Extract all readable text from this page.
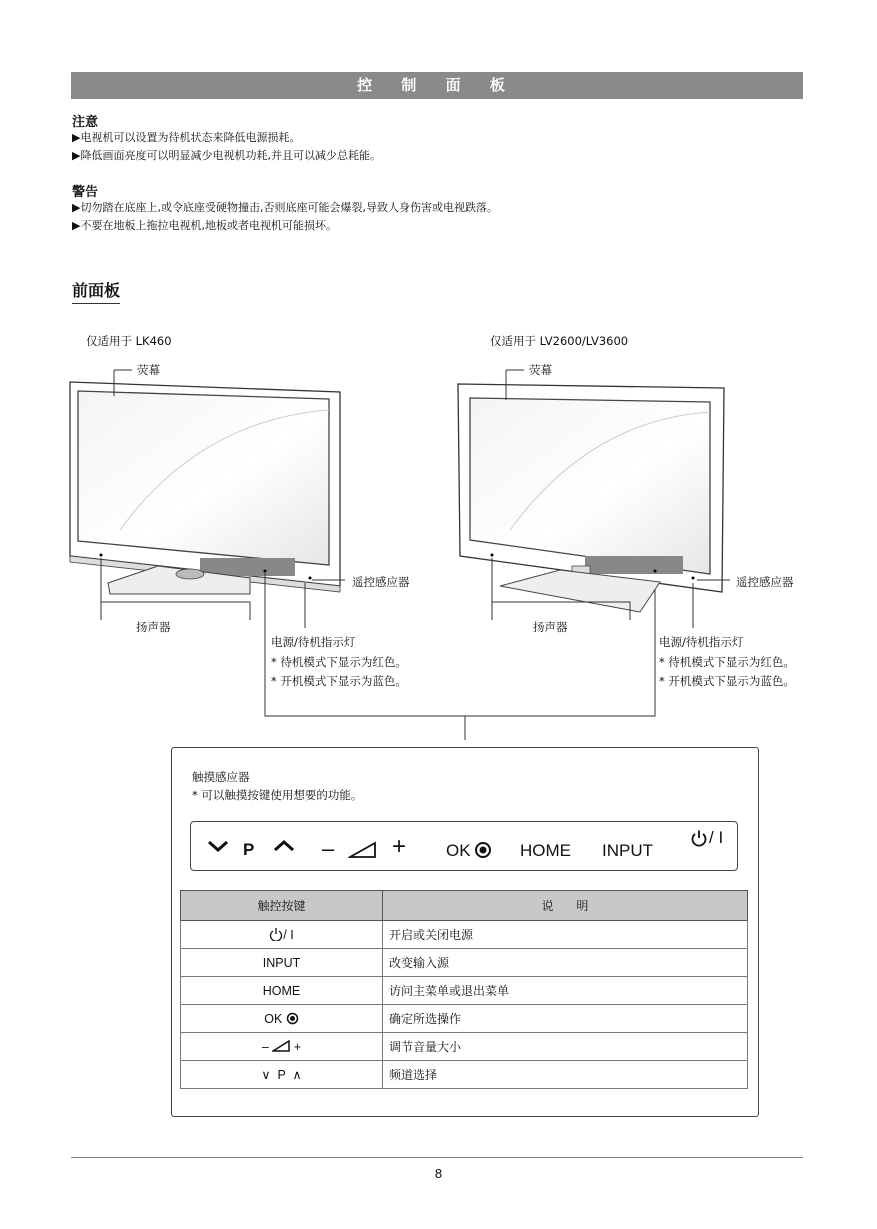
控 制 面 板
注意
▶电视机可以设置为待机状态来降低电源损耗。
▶降低画面亮度可以明显减少电视机功耗,并且可以减少总耗能。
警告
▶切勿踏在底座上,或令底座受硬物撞击,否则底座可能会爆裂,导致人身伤害或电视跌落。
▶不要在地板上拖拉电视机,地板或者电视机可能损坏。
前面板
仅适用于 LK460	仅适用于 LV2600/LV3600
荧幕
扬声器
遥控感应器
电源/待机指示灯
* 待机模式下显示为红色。
* 开机模式下显示为蓝色。
荧幕
扬声器
遥控感应器
电源/待机指示灯
* 待机模式下显示为红色。
* 开机模式下显示为蓝色。
触摸感应器
* 可以触摸按键使用想要的功能。
P	– + OK	HOME INPUT
/ I
触控按键	说      明
/ I	开启或关闭电源
INPUT	改变输入源
HOME	访问主菜单或退出菜单
OK	确定所选操作
– +	调节音量大小
∨  P  ∧	频道选择
8
